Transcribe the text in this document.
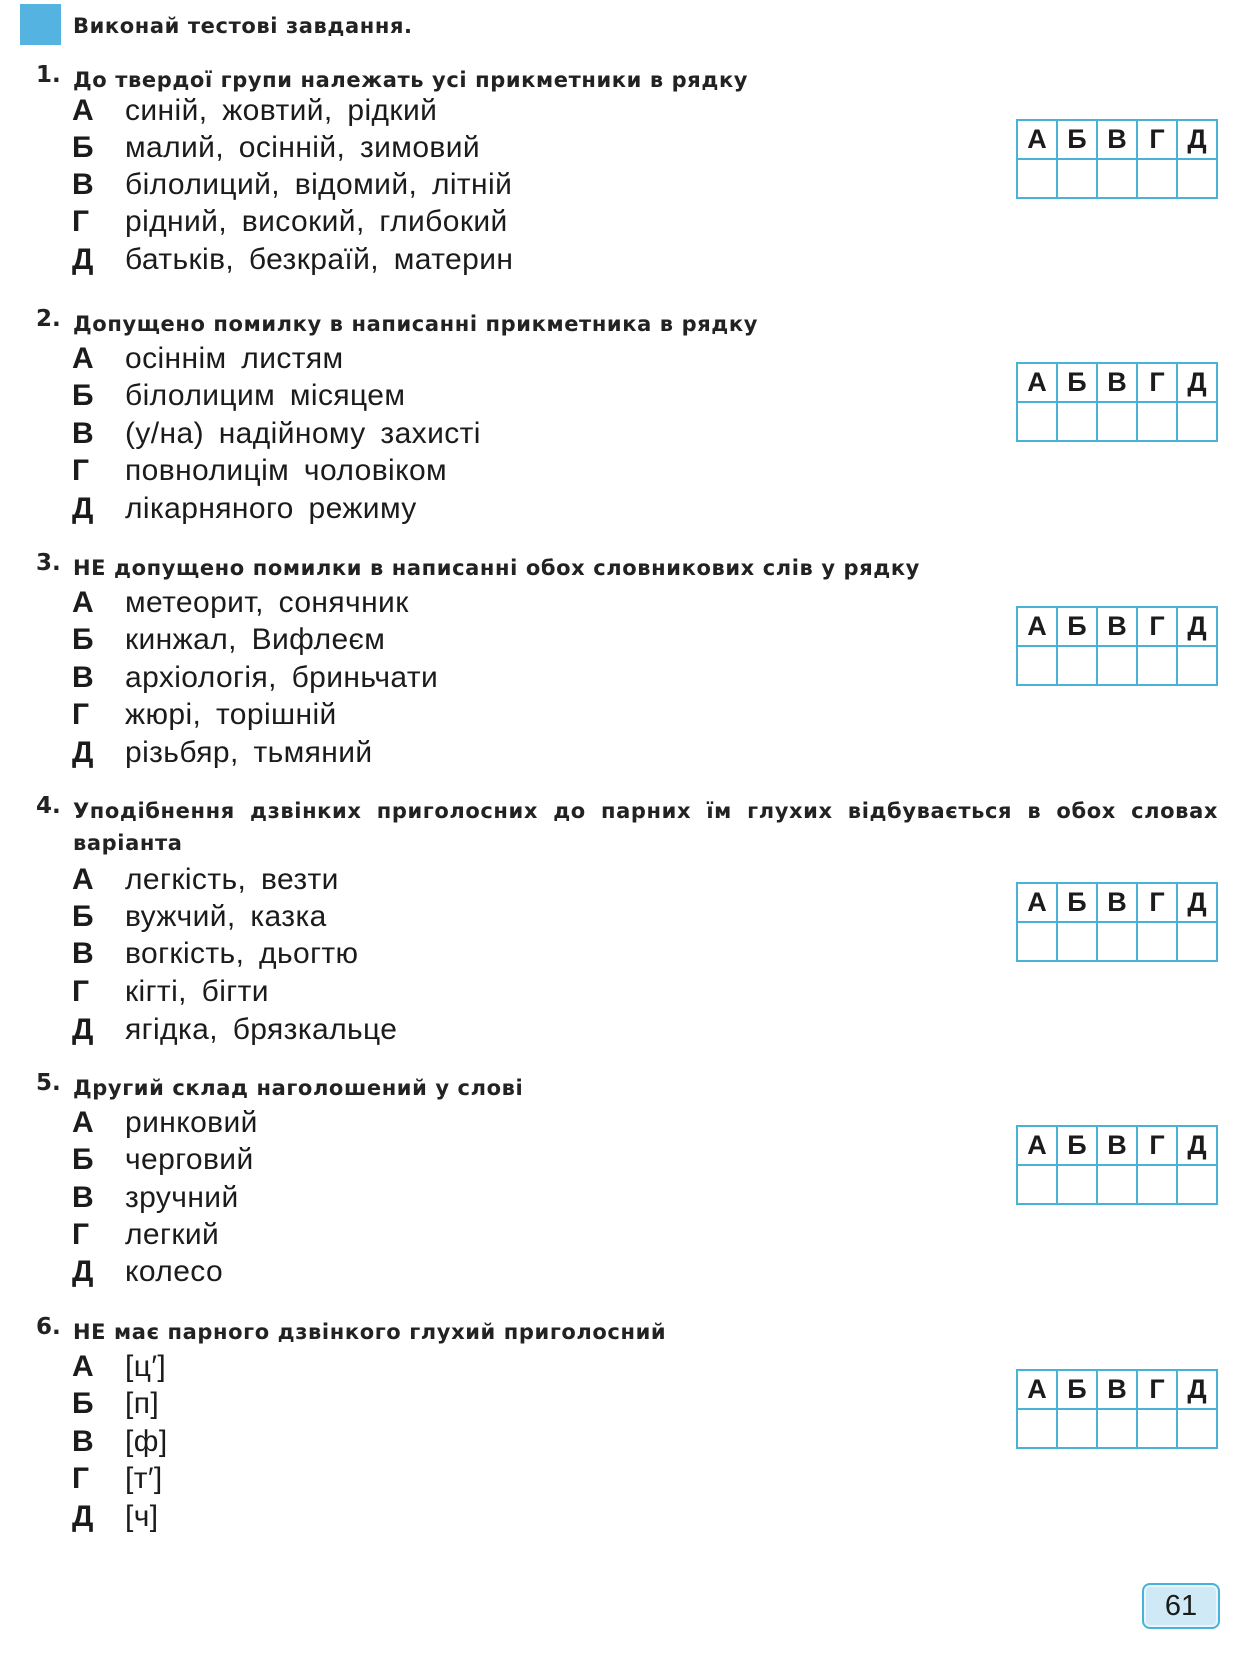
Виконай тестові завдання.
1. До твердої групи належать усі прикметники в рядку
А синій, жовтий, рідкий
Б малий, осінній, зимовий
В білолиций, відомий, літній
Г рідний, високий, глибокий
Д батьків, безкраїй, материн
А Б В Г Д
2. Допущено помилку в написанні прикметника в рядку
А осіннім листям
Б білолицим місяцем
В (у/на) надійному захисті
Г повнолицім чоловіком
Д лікарняного режиму
А Б В Г Д
3. НЕ допущено помилки в написанні обох словникових слів у рядку
А метеорит, сонячник
Б кинжал, Вифлеєм
В архіологія, бриньчати
Г жюрі, торішній
Д різьбяр, тьмяний
А Б В Г Д
4. Уподібнення дзвінких приголосних до парних їм глухих відбувається в обох словах варіанта
А легкість, везти
Б вужчий, казка
В вогкість, дьогтю
Г кігті, бігти
Д ягідка, брязкальце
А Б В Г Д
5. Другий склад наголошений у слові
А ринковий
Б черговий
В зручний
Г легкий
Д колесо
А Б В Г Д
6. НЕ має парного дзвінкого глухий приголосний
А [ц′]
Б [п]
В [ф]
Г [т′]
Д [ч]
А Б В Г Д
61
